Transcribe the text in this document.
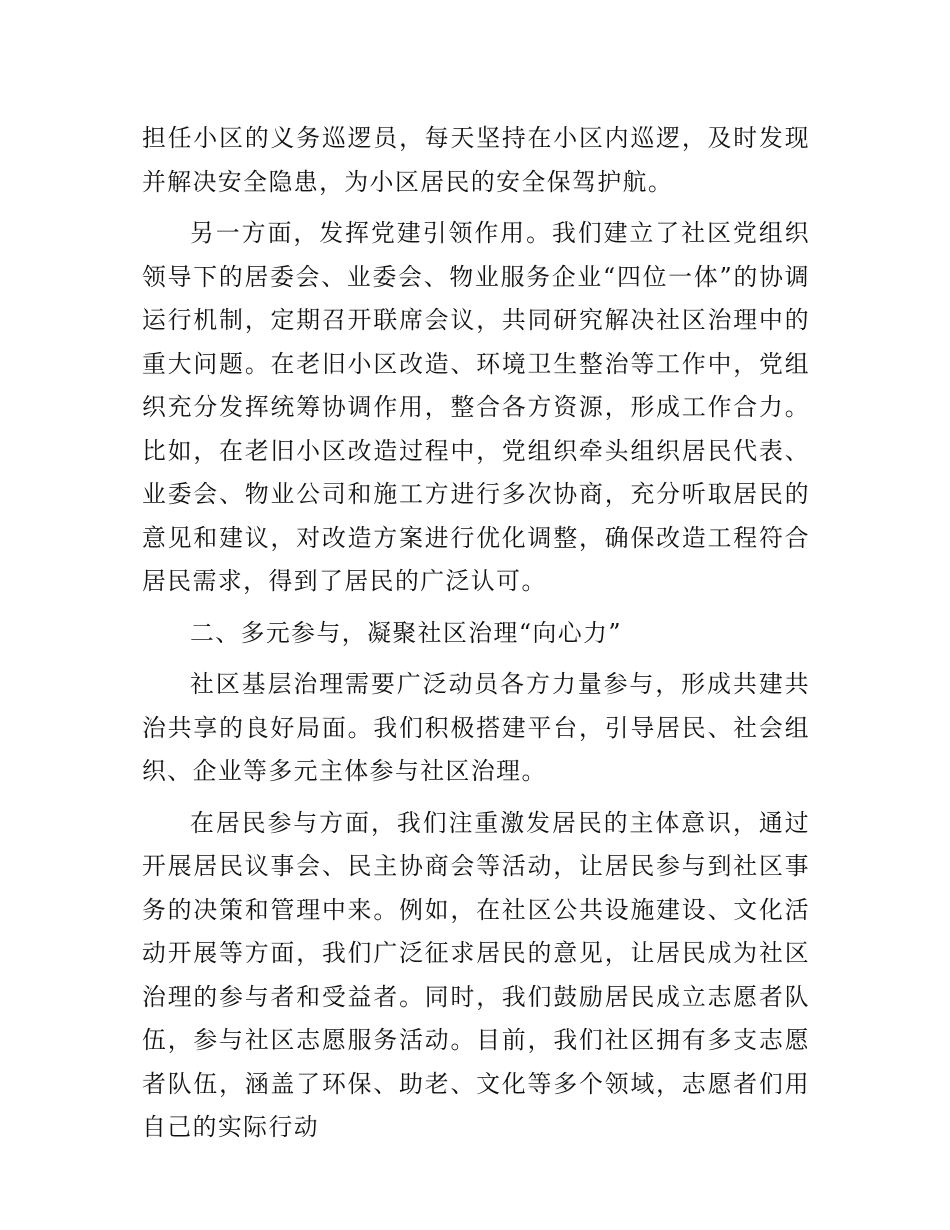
担任小区的义务巡逻员，每天坚持在小区内巡逻，及时发现并解决安全隐患，为小区居民的安全保驾护航。

另一方面，发挥党建引领作用。我们建立了社区党组织领导下的居委会、业委会、物业服务企业“四位一体”的协调运行机制，定期召开联席会议，共同研究解决社区治理中的重大问题。在老旧小区改造、环境卫生整治等工作中，党组织充分发挥统筹协调作用，整合各方资源，形成工作合力。比如，在老旧小区改造过程中，党组织牵头组织居民代表、业委会、物业公司和施工方进行多次协商，充分听取居民的意见和建议，对改造方案进行优化调整，确保改造工程符合居民需求，得到了居民的广泛认可。

二、多元参与，凝聚社区治理“向心力”

社区基层治理需要广泛动员各方力量参与，形成共建共治共享的良好局面。我们积极搭建平台，引导居民、社会组织、企业等多元主体参与社区治理。

在居民参与方面，我们注重激发居民的主体意识，通过开展居民议事会、民主协商会等活动，让居民参与到社区事务的决策和管理中来。例如，在社区公共设施建设、文化活动开展等方面，我们广泛征求居民的意见，让居民成为社区治理的参与者和受益者。同时，我们鼓励居民成立志愿者队伍，参与社区志愿服务活动。目前，我们社区拥有多支志愿者队伍，涵盖了环保、助老、文化等多个领域，志愿者们用自己的实际行动
